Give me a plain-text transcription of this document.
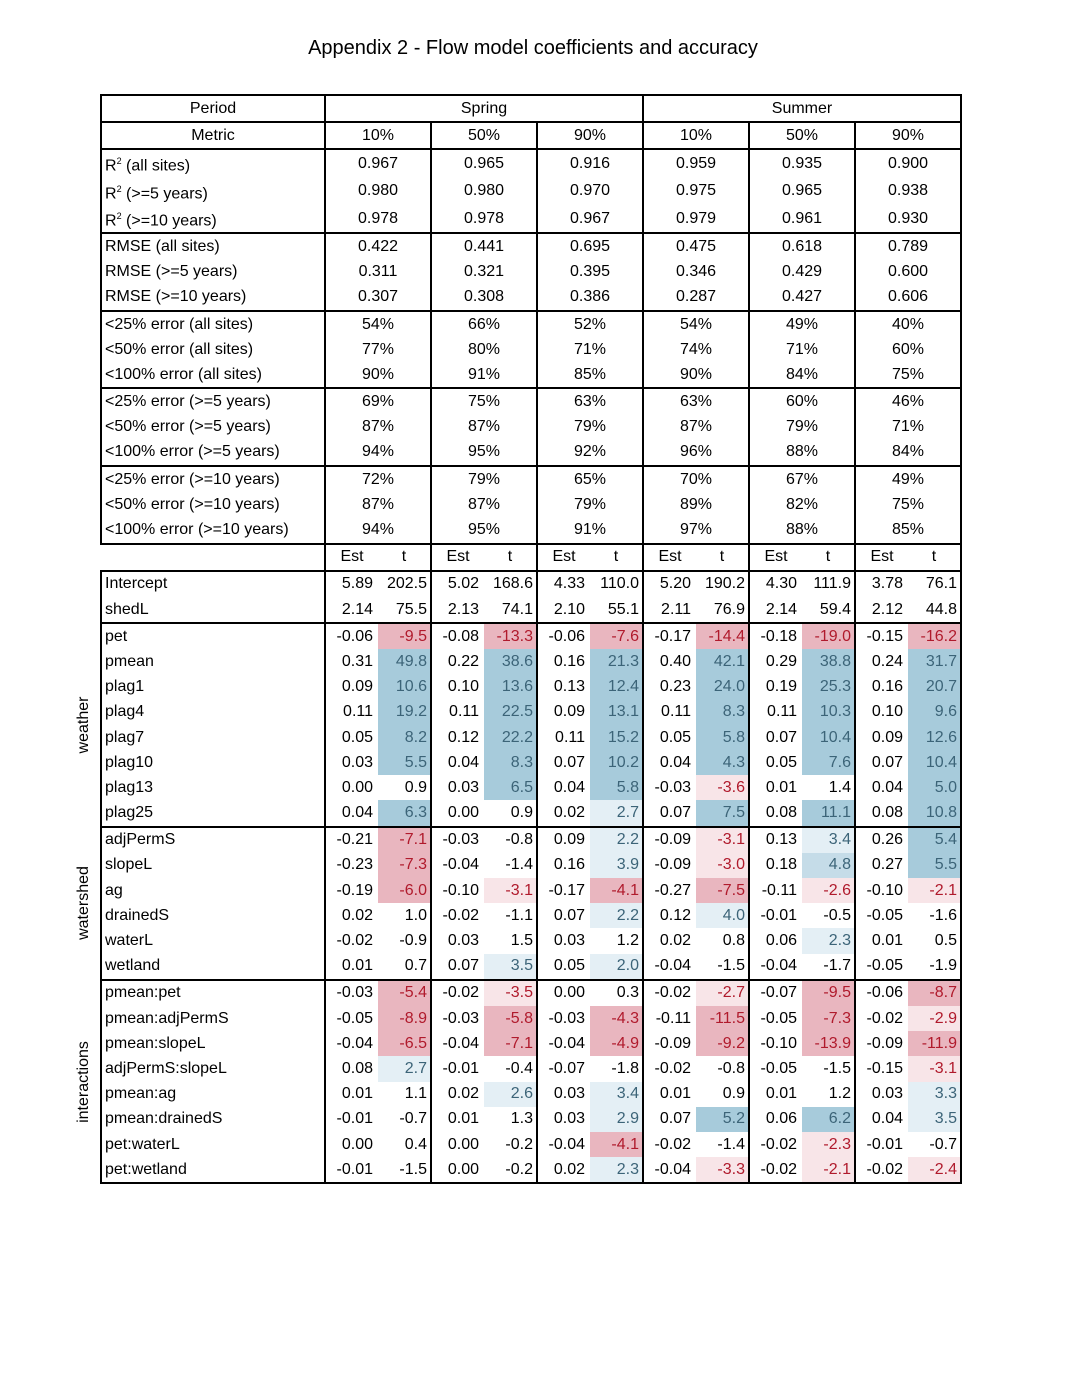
Appendix 2 - Flow model coefficients and accuracy
Period	Spring						Summer					
Metric	10%		50%		90%		10%		50%		90%	
$R^2$ (all sites)	0.967		0.965		0.916		0.959		0.935		0.900	
$R^2$ (>=5 years)	0.980		0.980		0.970		0.975		0.965		0.938	
$R^2$ (>=10 years)	0.978		0.978		0.967		0.979		0.961		0.930	
RMSE (all sites)	0.422		0.441		0.695		0.475		0.618		0.789	
RMSE (>=5 years)	0.311		0.321		0.395		0.346		0.429		0.600	
RMSE (>=10 years)	0.307		0.308		0.386		0.287		0.427		0.606	
<25% error (all sites)	54%		66%		52%		54%		49%		40%	
<50% error (all sites)	77%		80%		71%		74%		71%		60%	
<100% error (all sites)	90%		91%		85%		90%		84%		75%	
<25% error (>=5 years)	69%		75%		63%		63%		60%		46%	
<50% error (>=5 years)	87%		87%		79%		87%		79%		71%	
<100% error (>=5 years)	94%		95%		92%		96%		88%		84%	
<25% error (>=10 years)	72%		79%		65%		70%		67%		49%	
<50% error (>=10 years)	87%		87%		79%		89%		82%		75%	
<100% error (>=10 years)	94%		95%		91%		97%		88%		85%	
	Est	t	Est	t	Est	t	Est	t	Est	t	Est	t
Intercept	5.89	202.5	5.02	168.6	4.33	110.0	5.20	190.2	4.30	111.9	3.78	76.1
shedL	2.14	75.5	2.13	74.1	2.10	55.1	2.11	76.9	2.14	59.4	2.12	44.8
pet	-0.06	-9.5	-0.08	-13.3	-0.06	-7.6	-0.17	-14.4	-0.18	-19.0	-0.15	-16.2
pmean	0.31	49.8	0.22	38.6	0.16	21.3	0.40	42.1	0.29	38.8	0.24	31.7
plag1	0.09	10.6	0.10	13.6	0.13	12.4	0.23	24.0	0.19	25.3	0.16	20.7
plag4	0.11	19.2	0.11	22.5	0.09	13.1	0.11	8.3	0.11	10.3	0.10	9.6
plag7	0.05	8.2	0.12	22.2	0.11	15.2	0.05	5.8	0.07	10.4	0.09	12.6
plag10	0.03	5.5	0.04	8.3	0.07	10.2	0.04	4.3	0.05	7.6	0.07	10.4
plag13	0.00	0.9	0.03	6.5	0.04	5.8	-0.03	-3.6	0.01	1.4	0.04	5.0
plag25	0.04	6.3	0.00	0.9	0.02	2.7	0.07	7.5	0.08	11.1	0.08	10.8
adjPermS	-0.21	-7.1	-0.03	-0.8	0.09	2.2	-0.09	-3.1	0.13	3.4	0.26	5.4
slopeL	-0.23	-7.3	-0.04	-1.4	0.16	3.9	-0.09	-3.0	0.18	4.8	0.27	5.5
ag	-0.19	-6.0	-0.10	-3.1	-0.17	-4.1	-0.27	-7.5	-0.11	-2.6	-0.10	-2.1
drainedS	0.02	1.0	-0.02	-1.1	0.07	2.2	0.12	4.0	-0.01	-0.5	-0.05	-1.6
waterL	-0.02	-0.9	0.03	1.5	0.03	1.2	0.02	0.8	0.06	2.3	0.01	0.5
wetland	0.01	0.7	0.07	3.5	0.05	2.0	-0.04	-1.5	-0.04	-1.7	-0.05	-1.9
pmean:pet	-0.03	-5.4	-0.02	-3.5	0.00	0.3	-0.02	-2.7	-0.07	-9.5	-0.06	-8.7
pmean:adjPermS	-0.05	-8.9	-0.03	-5.8	-0.03	-4.3	-0.11	-11.5	-0.05	-7.3	-0.02	-2.9
pmean:slopeL	-0.04	-6.5	-0.04	-7.1	-0.04	-4.9	-0.09	-9.2	-0.10	-13.9	-0.09	-11.9
adjPermS:slopeL	0.08	2.7	-0.01	-0.4	-0.07	-1.8	-0.02	-0.8	-0.05	-1.5	-0.15	-3.1
pmean:ag	0.01	1.1	0.02	2.6	0.03	3.4	0.01	0.9	0.01	1.2	0.03	3.3
pmean:drainedS	-0.01	-0.7	0.01	1.3	0.03	2.9	0.07	5.2	0.06	6.2	0.04	3.5
pet:waterL	0.00	0.4	0.00	-0.2	-0.04	-4.1	-0.02	-1.4	-0.02	-2.3	-0.01	-0.7
pet:wetland	-0.01	-1.5	0.00	-0.2	0.02	2.3	-0.04	-3.3	-0.02	-2.1	-0.02	-2.4
weather
watershed
interactions
